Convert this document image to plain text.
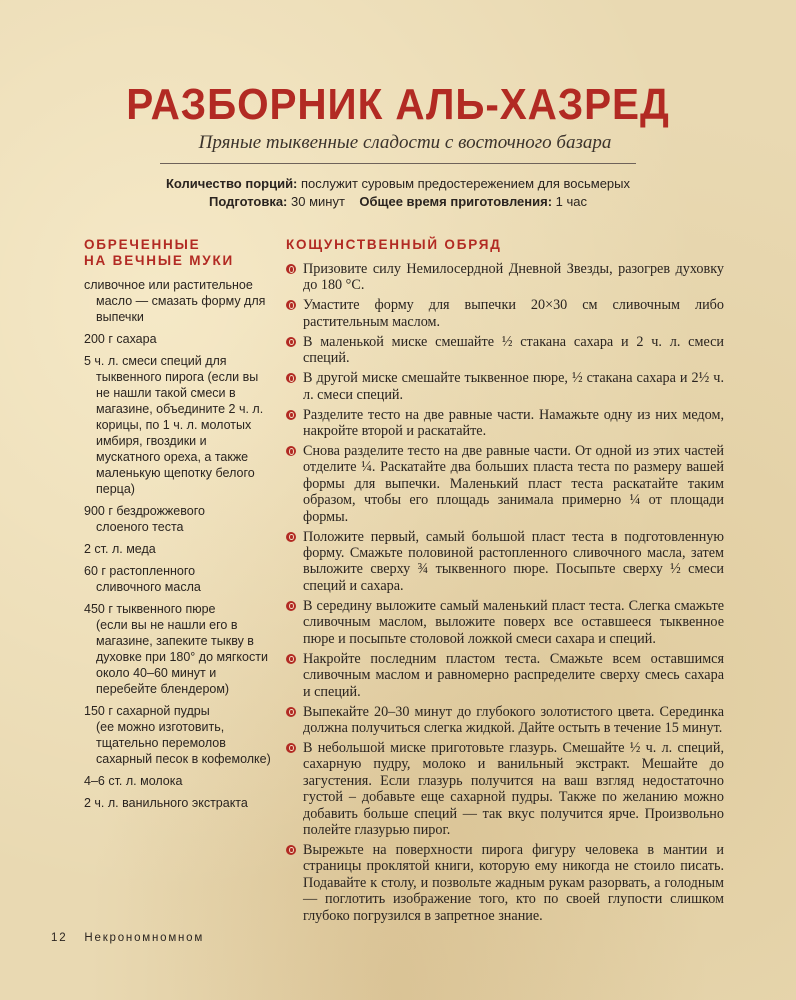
РАЗБОРНИК АЛЬ-ХАЗРЕД
Пряные тыквенные сладости с восточного базара
Количество порций: послужит суровым предостережением для восьмерых
Подготовка: 30 минут Общее время приготовления: 1 час
ОБРЕЧЕННЫЕ
НА ВЕЧНЫЕ МУКИ
сливочное или растительное
масло — смазать форму для выпечки
200 г сахара
5 ч. л. смеси специй для
тыквенного пирога (если вы не нашли такой смеси в магазине, объедините 2 ч. л. корицы, по 1 ч. л. молотых имбиря, гвоздики и мускатного ореха, а также маленькую щепотку белого перца)
900 г бездрожжевого
слоеного теста
2 ст. л. меда
60 г растопленного
сливочного масла
450 г тыквенного пюре
(если вы не нашли его в магазине, запеките тыкву в духовке при 180° до мягкости около 40–60 минут и перебейте блендером)
150 г сахарной пудры
(ее можно изготовить, тщательно перемолов сахарный песок в кофемолке)
4–6 ст. л. молока
2 ч. л. ванильного экстракта
КОЩУНСТВЕННЫЙ ОБРЯД
Призовите силу Немилосердной Дневной Звезды, разогрев духовку до 180 °С.
Умастите форму для выпечки 20×30 см сливочным либо растительным маслом.
В маленькой миске смешайте ½ стакана сахара и 2 ч. л. смеси специй.
В другой миске смешайте тыквенное пюре, ½ стакана сахара и 2½ ч. л. смеси специй.
Разделите тесто на две равные части. Намажьте одну из них медом, накройте второй и раскатайте.
Снова разделите тесто на две равные части. От одной из этих частей отделите ¼. Раскатайте два больших пласта теста по размеру вашей формы для выпечки. Маленький пласт теста раскатайте таким образом, чтобы его площадь занимала примерно ¼ от площади формы.
Положите первый, самый большой пласт теста в подготовленную форму. Смажьте половиной растопленного сливочного масла, затем выложите сверху ¾ тыквенного пюре. Посыпьте сверху ½ смеси специй и сахара.
В середину выложите самый маленький пласт теста. Слегка смажьте сливочным маслом, выложите поверх все оставшееся тыквенное пюре и посыпьте столовой ложкой смеси сахара и специй.
Накройте последним пластом теста. Смажьте всем оставшимся сливочным маслом и равномерно распределите сверху смесь сахара и специй.
Выпекайте 20–30 минут до глубокого золотистого цвета. Серединка должна получиться слегка жидкой. Дайте остыть в течение 15 минут.
В небольшой миске приготовьте глазурь. Смешайте ½ ч. л. специй, сахарную пудру, молоко и ванильный экстракт. Мешайте до загустения. Если глазурь получится на ваш взгляд недостаточно густой – добавьте еще сахарной пудры. Также по желанию можно добавить больше специй — так вкус получится ярче. Произвольно полейте глазурью пирог.
Вырежьте на поверхности пирога фигуру человека в мантии и страницы проклятой книги, которую ему никогда не стоило писать. Подавайте к столу, и позвольте жадным рукам разорвать, а голодным — поглотить изображение того, кто по своей глупости слишком глубоко погрузился в запретное знание.
12 Некрономномном
